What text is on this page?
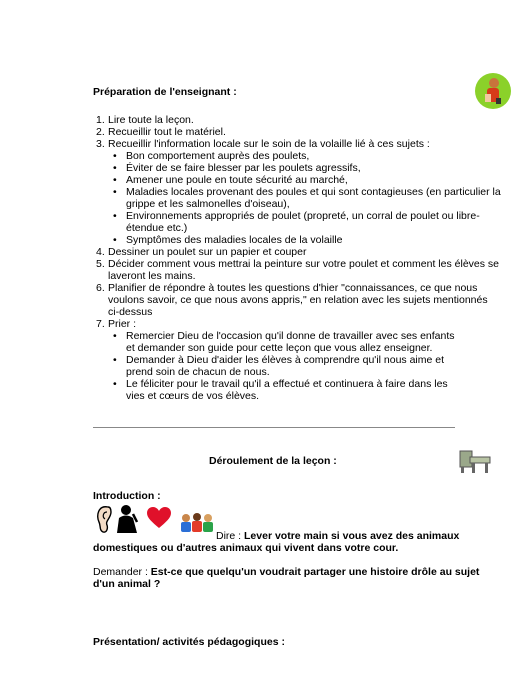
Préparation de l'enseignant :
1. Lire toute la leçon.
2. Recueillir tout le matériel.
3. Recueillir l'information locale sur le soin de la volaille lié à ces sujets :
• Bon comportement auprès des poulets,
• Éviter de se faire blesser par les poulets agressifs,
• Amener une poule en toute sécurité au marché,
• Maladies locales provenant des poules et qui sont contagieuses (en particulier la
grippe et les salmonelles d'oiseau),
• Environnements appropriés de poulet (propreté, un corral de poulet ou libre-
étendue etc.)
• Symptômes des maladies locales de la volaille
4. Dessiner un poulet sur un papier et couper
5. Décider comment vous mettrai la peinture sur votre poulet et comment les élèves se
laveront les mains.
6. Planifier de répondre à toutes les questions d'hier "connaissances, ce que nous
voulons savoir, ce que nous avons appris," en relation avec les sujets mentionnés
ci-dessus
7. Prier :
• Remercier Dieu de l'occasion qu'il donne de travailler avec ses enfants
et demander son guide pour cette leçon que vous allez enseigner.
• Demander à Dieu d'aider les élèves à comprendre qu'il nous aime et
prend soin de chacun de nous.
• Le féliciter pour le travail qu'il a effectué et continuera à faire dans les
vies et cœurs de vos élèves.
Déroulement de la leçon :
Introduction :
Dire : Lever votre main si vous avez des animaux
domestiques ou d'autres animaux qui vivent dans votre cour.
Demander : Est-ce que quelqu'un voudrait partager une histoire drôle au sujet
d'un animal ?
Présentation/ activités pédagogiques :
